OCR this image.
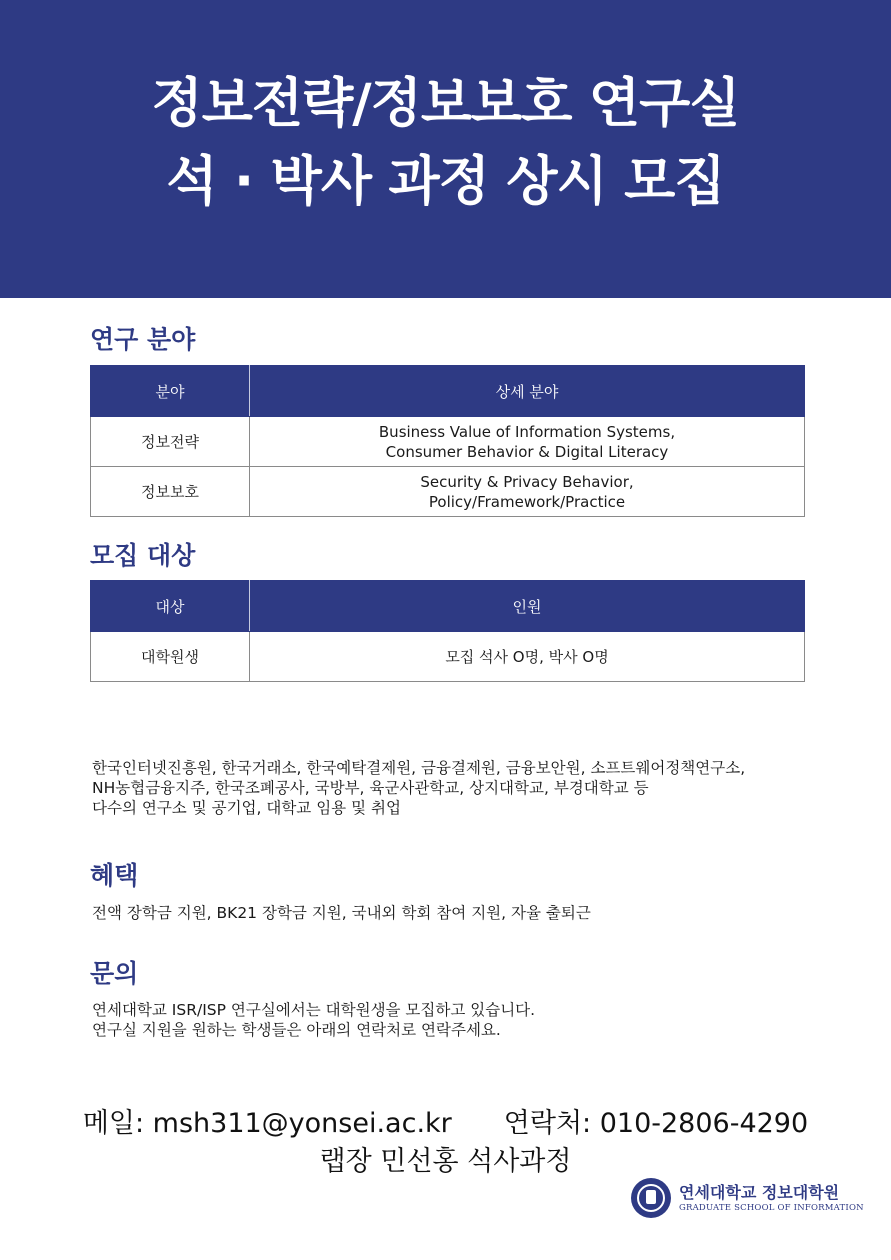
정보전략/정보보호 연구실
석 · 박사 과정 상시 모집
연구 분야
분야	상세 분야
정보전략	Business Value of Information Systems,
Consumer Behavior & Digital Literacy

정보보호	Security & Privacy Behavior,
Policy/Framework/Practice
모집 대상
대상	인원
대학원생	모집 석사 O명, 박사 O명
한국인터넷진흥원, 한국거래소, 한국예탁결제원, 금융결제원, 금융보안원, 소프트웨어정책연구소,
NH농협금융지주, 한국조폐공사, 국방부, 육군사관학교, 상지대학교, 부경대학교 등
다수의 연구소 및 공기업, 대학교 임용 및 취업
혜택
전액 장학금 지원, BK21 장학금 지원, 국내외 학회 참여 지원, 자율 출퇴근
문의
연세대학교 ISR/ISP 연구실에서는 대학원생을 모집하고 있습니다.
연구실 지원을 원하는 학생들은 아래의 연락처로 연락주세요.
메일: msh311@yonsei.ac.kr 연락처: 010-2806-4290
랩장 민선홍 석사과정
연세대학교 정보대학원
GRADUATE SCHOOL OF INFORMATION
